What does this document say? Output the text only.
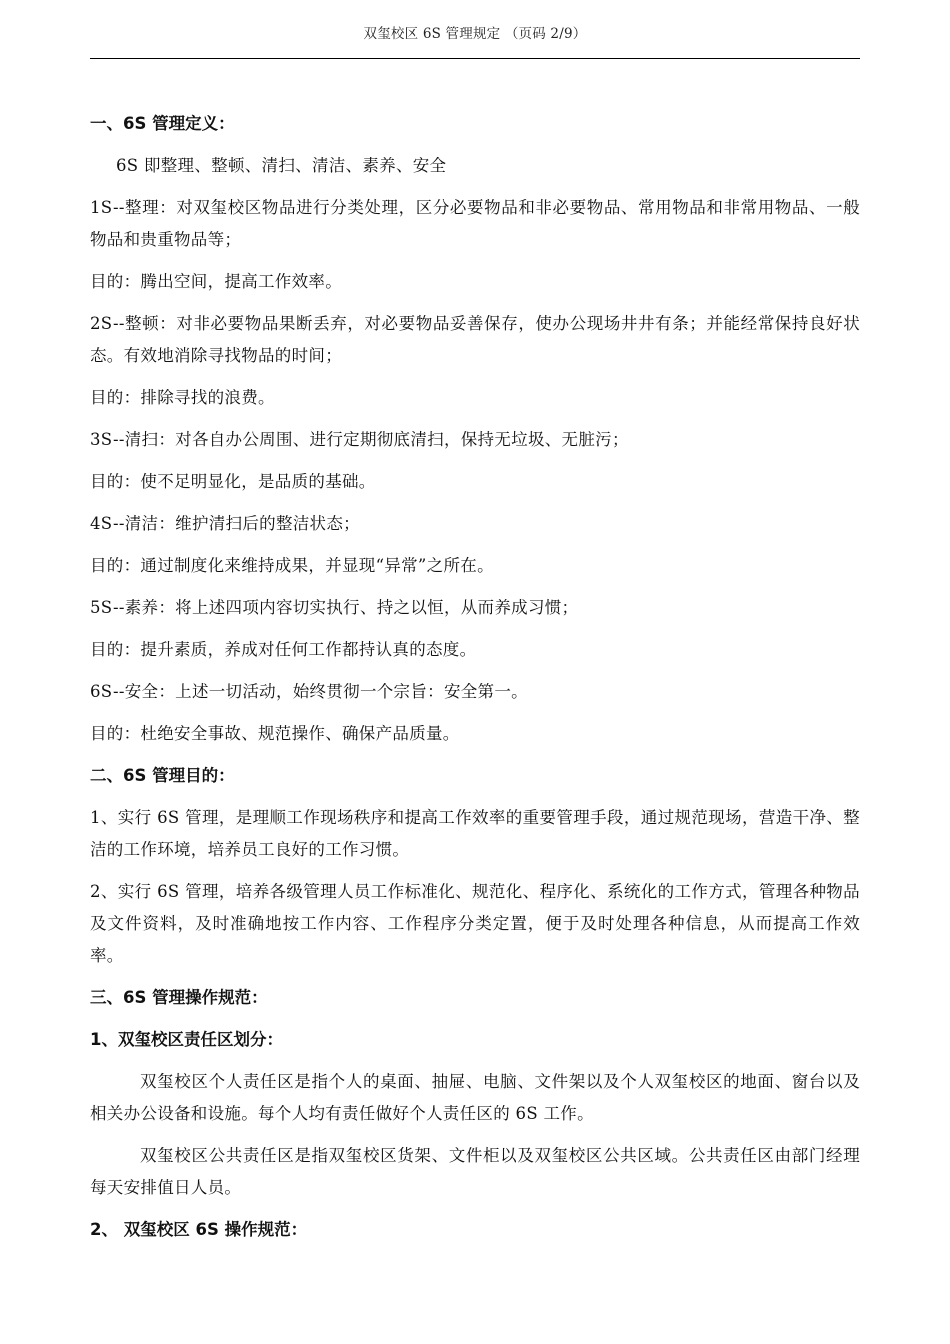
双玺校区 6S 管理规定 （页码 2/9）
一、6S 管理定义：
6S 即整理、整顿、清扫、清洁、素养、安全
1S--整理：对双玺校区物品进行分类处理，区分必要物品和非必要物品、常用物品和非常用物品、一般物品和贵重物品等；
目的：腾出空间，提高工作效率。
2S--整顿：对非必要物品果断丢弃，对必要物品妥善保存，使办公现场井井有条；并能经常保持良好状态。有效地消除寻找物品的时间；
目的：排除寻找的浪费。
3S--清扫：对各自办公周围、进行定期彻底清扫，保持无垃圾、无脏污；
目的：使不足明显化，是品质的基础。
4S--清洁：维护清扫后的整洁状态；
目的：通过制度化来维持成果，并显现“异常”之所在。
5S--素养：将上述四项内容切实执行、持之以恒，从而养成习惯；
目的：提升素质，养成对任何工作都持认真的态度。
6S--安全：上述一切活动，始终贯彻一个宗旨：安全第一。
目的：杜绝安全事故、规范操作、确保产品质量。
二、6S 管理目的：
1、实行 6S 管理，是理顺工作现场秩序和提高工作效率的重要管理手段，通过规范现场，营造干净、整洁的工作环境，培养员工良好的工作习惯。
2、实行 6S 管理，培养各级管理人员工作标准化、规范化、程序化、系统化的工作方式，管理各种物品及文件资料，及时准确地按工作内容、工作程序分类定置，便于及时处理各种信息，从而提高工作效率。
三、6S 管理操作规范：
1、双玺校区责任区划分：
双玺校区个人责任区是指个人的桌面、抽屉、电脑、文件架以及个人双玺校区的地面、窗台以及相关办公设备和设施。每个人均有责任做好个人责任区的 6S 工作。
双玺校区公共责任区是指双玺校区货架、文件柜以及双玺校区公共区域。公共责任区由部门经理每天安排值日人员。
2、 双玺校区 6S 操作规范：
